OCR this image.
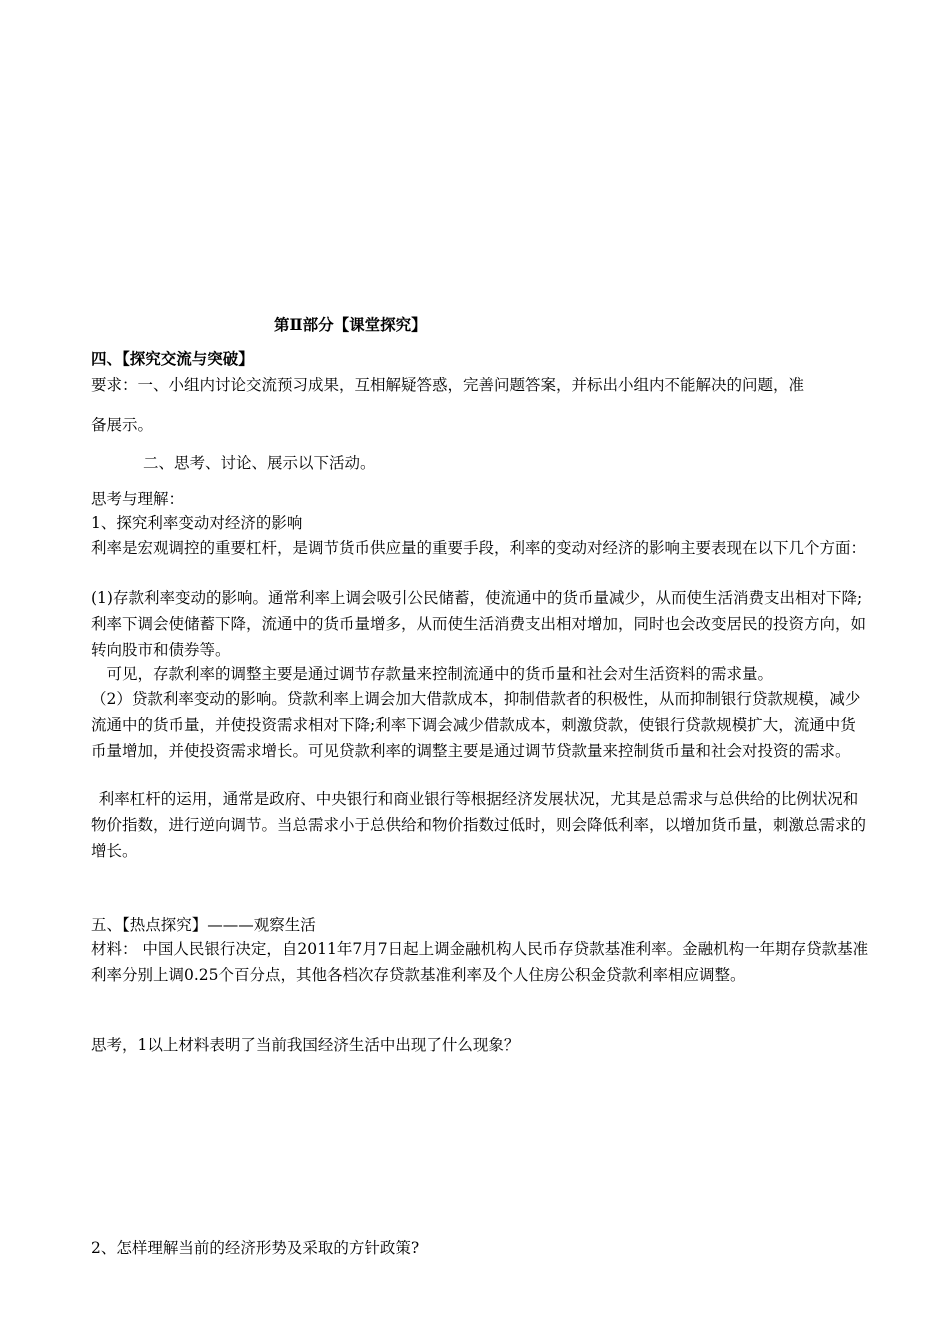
第Ⅱ部分【课堂探究】

四、【探究交流与突破】

要求：一、小组内讨论交流预习成果，互相解疑答惑，完善问题答案，并标出小组内不能解决的问题，准

备展示。

二、思考、讨论、展示以下活动。

思考与理解：

1、探究利率变动对经济的影响

利率是宏观调控的重要杠杆，是调节货币供应量的重要手段，利率的变动对经济的影响主要表现在以下几个方面：

(1)存款利率变动的影响。通常利率上调会吸引公民储蓄，使流通中的货币量减少，从而使生活消费支出相对下降;利率下调会使储蓄下降，流通中的货币量增多，从而使生活消费支出相对增加，同时也会改变居民的投资方向，如转向股市和债券等。

可见，存款利率的调整主要是通过调节存款量来控制流通中的货币量和社会对生活资料的需求量。

（2）贷款利率变动的影响。贷款利率上调会加大借款成本，抑制借款者的积极性，从而抑制银行贷款规模，减少流通中的货币量，并使投资需求相对下降;利率下调会减少借款成本，刺激贷款，使银行贷款规模扩大，流通中货币量增加，并使投资需求增长。可见贷款利率的调整主要是通过调节贷款量来控制货币量和社会对投资的需求。

利率杠杆的运用，通常是政府、中央银行和商业银行等根据经济发展状况，尤其是总需求与总供给的比例状况和物价指数，进行逆向调节。当总需求小于总供给和物价指数过低时，则会降低利率，以增加货币量，刺激总需求的增长。

五、【热点探究】———观察生活

材料： 中国人民银行决定，自2011年7月7日起上调金融机构人民币存贷款基准利率。金融机构一年期存贷款基准利率分别上调0.25个百分点，其他各档次存贷款基准利率及个人住房公积金贷款利率相应调整。

思考，1以上材料表明了当前我国经济生活中出现了什么现象？

2、怎样理解当前的经济形势及采取的方针政策?
